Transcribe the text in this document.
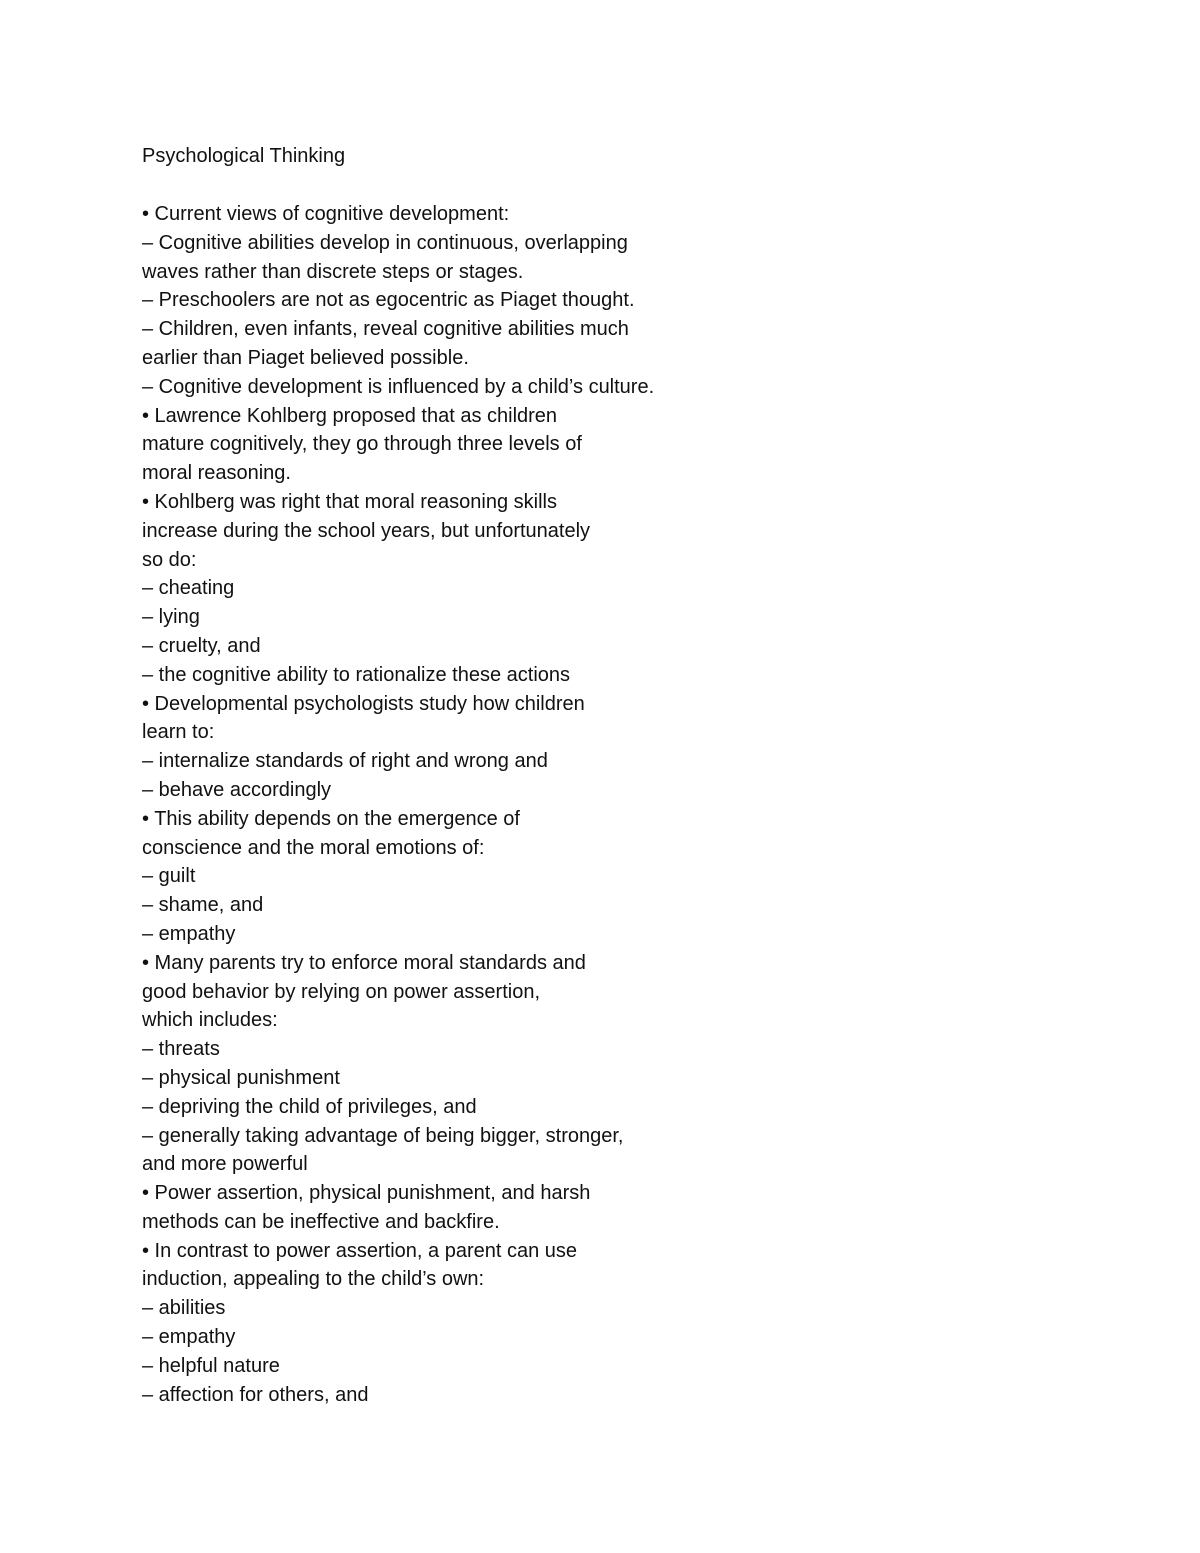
Psychological Thinking
• Current views of cognitive development:
– Cognitive abilities develop in continuous, overlapping
waves rather than discrete steps or stages.
– Preschoolers are not as egocentric as Piaget thought.
– Children, even infants, reveal cognitive abilities much
earlier than Piaget believed possible.
– Cognitive development is influenced by a child’s culture.
• Lawrence Kohlberg proposed that as children
mature cognitively, they go through three levels of
moral reasoning.
• Kohlberg was right that moral reasoning skills
increase during the school years, but unfortunately
so do:
– cheating
– lying
– cruelty, and
– the cognitive ability to rationalize these actions
• Developmental psychologists study how children
learn to:
– internalize standards of right and wrong and
– behave accordingly
• This ability depends on the emergence of
conscience and the moral emotions of:
– guilt
– shame, and
– empathy
• Many parents try to enforce moral standards and
good behavior by relying on power assertion,
which includes:
– threats
– physical punishment
– depriving the child of privileges, and
– generally taking advantage of being bigger, stronger,
and more powerful
• Power assertion, physical punishment, and harsh
methods can be ineffective and backfire.
• In contrast to power assertion, a parent can use
induction, appealing to the child’s own:
– abilities
– empathy
– helpful nature
– affection for others, and
